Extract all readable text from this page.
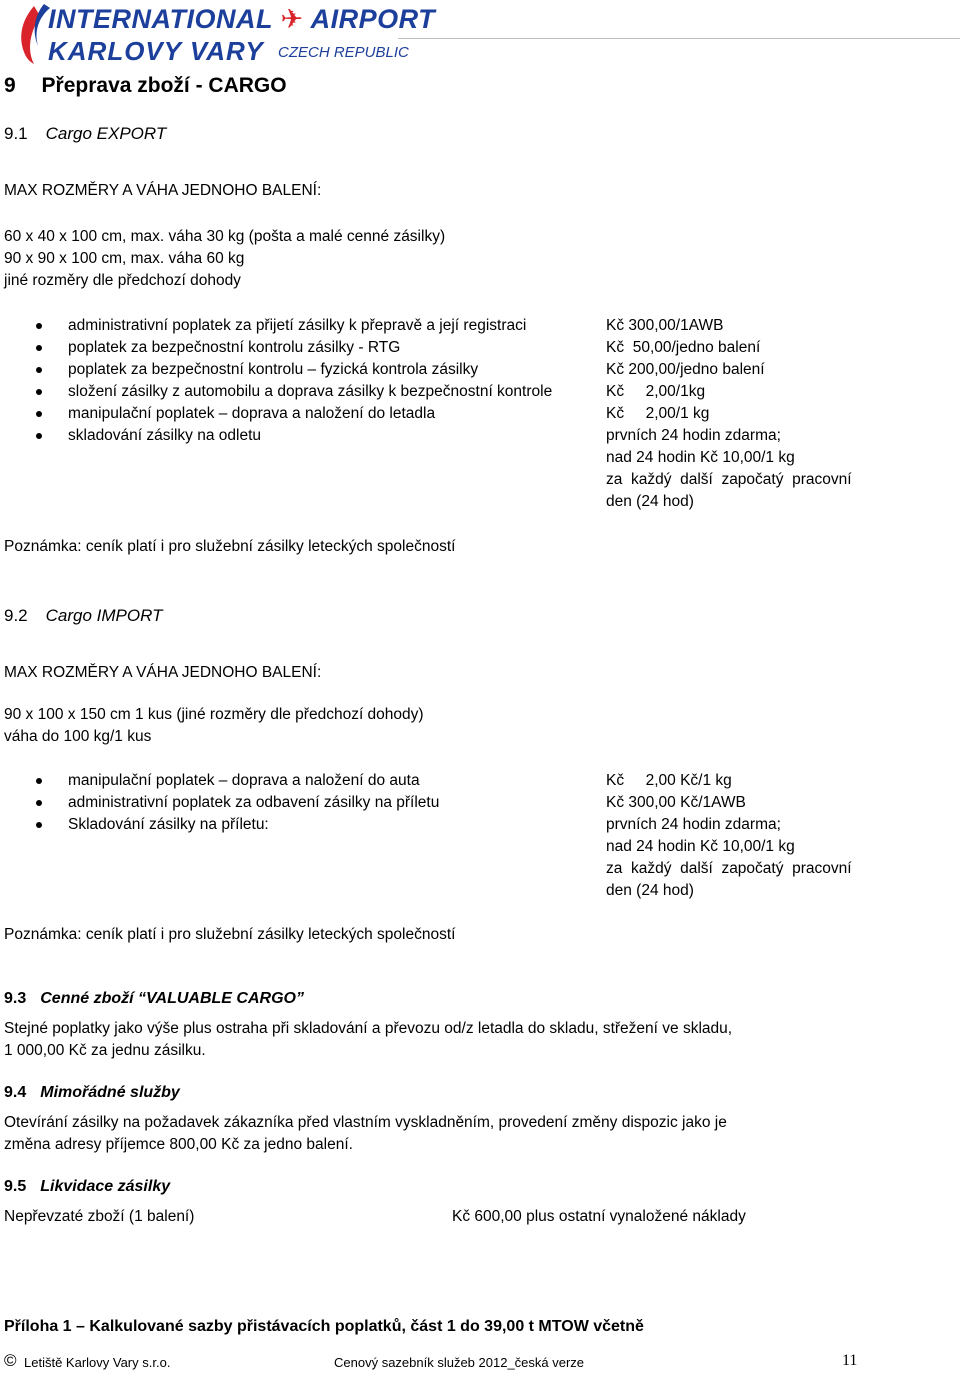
INTERNATIONAL ✈ AIRPORT
KARLOVY VARY CZECH REPUBLIC
9 Přeprava zboží - CARGO
9.1 Cargo EXPORT
MAX ROZMĚRY A VÁHA JEDNOHO BALENÍ:
60 x 40 x 100 cm, max. váha 30 kg (pošta a malé cenné zásilky)
90 x 90 x 100 cm, max. váha 60 kg
jiné rozměry dle předchozí dohody
administrativní poplatek za přijetí zásilky k přepravě a její registraci	Kč 300,00/1AWB
poplatek za bezpečnostní kontrolu zásilky - RTG	Kč  50,00/jedno balení
poplatek za bezpečnostní kontrolu – fyzická kontrola zásilky	Kč 200,00/jedno balení
složení zásilky z automobilu a doprava zásilky k bezpečnostní kontrole	Kč     2,00/1kg
manipulační poplatek – doprava a naložení do letadla	Kč     2,00/1 kg
skladování zásilky na odletu	prvních 24 hodin zdarma;
nad 24 hodin Kč 10,00/1 kg
za  každý  další  započatý  pracovní
den (24 hod)
Poznámka: ceník platí i pro služební zásilky leteckých společností
9.2 Cargo IMPORT
MAX ROZMĚRY A VÁHA JEDNOHO BALENÍ:
90 x 100 x 150 cm 1 kus (jiné rozměry dle předchozí dohody)
váha do 100 kg/1 kus
manipulační poplatek – doprava a naložení do auta	Kč     2,00 Kč/1 kg
administrativní poplatek za odbavení zásilky na příletu	Kč 300,00 Kč/1AWB
Skladování zásilky na příletu:	prvních 24 hodin zdarma;
nad 24 hodin Kč 10,00/1 kg
za  každý  další  započatý  pracovní
den (24 hod)
Poznámka: ceník platí i pro služební zásilky leteckých společností
9.3 Cenné zboží “VALUABLE CARGO”
Stejné poplatky jako výše plus ostraha při skladování a převozu od/z letadla do skladu, střežení ve skladu,
1 000,00 Kč za jednu zásilku.
9.4 Mimořádné služby
Otevírání zásilky na požadavek zákazníka před vlastním vyskladněním, provedení změny dispozic jako je
změna adresy příjemce 800,00 Kč za jedno balení.
9.5 Likvidace zásilky
Nepřevzaté zboží (1 balení)	Kč 600,00 plus ostatní vynaložené náklady
Příloha 1 – Kalkulované sazby přistávacích poplatků, část 1 do 39,00 t MTOW včetně
© Letiště Karlovy Vary s.r.o.	Cenový sazebník služeb 2012_česká verze	11
